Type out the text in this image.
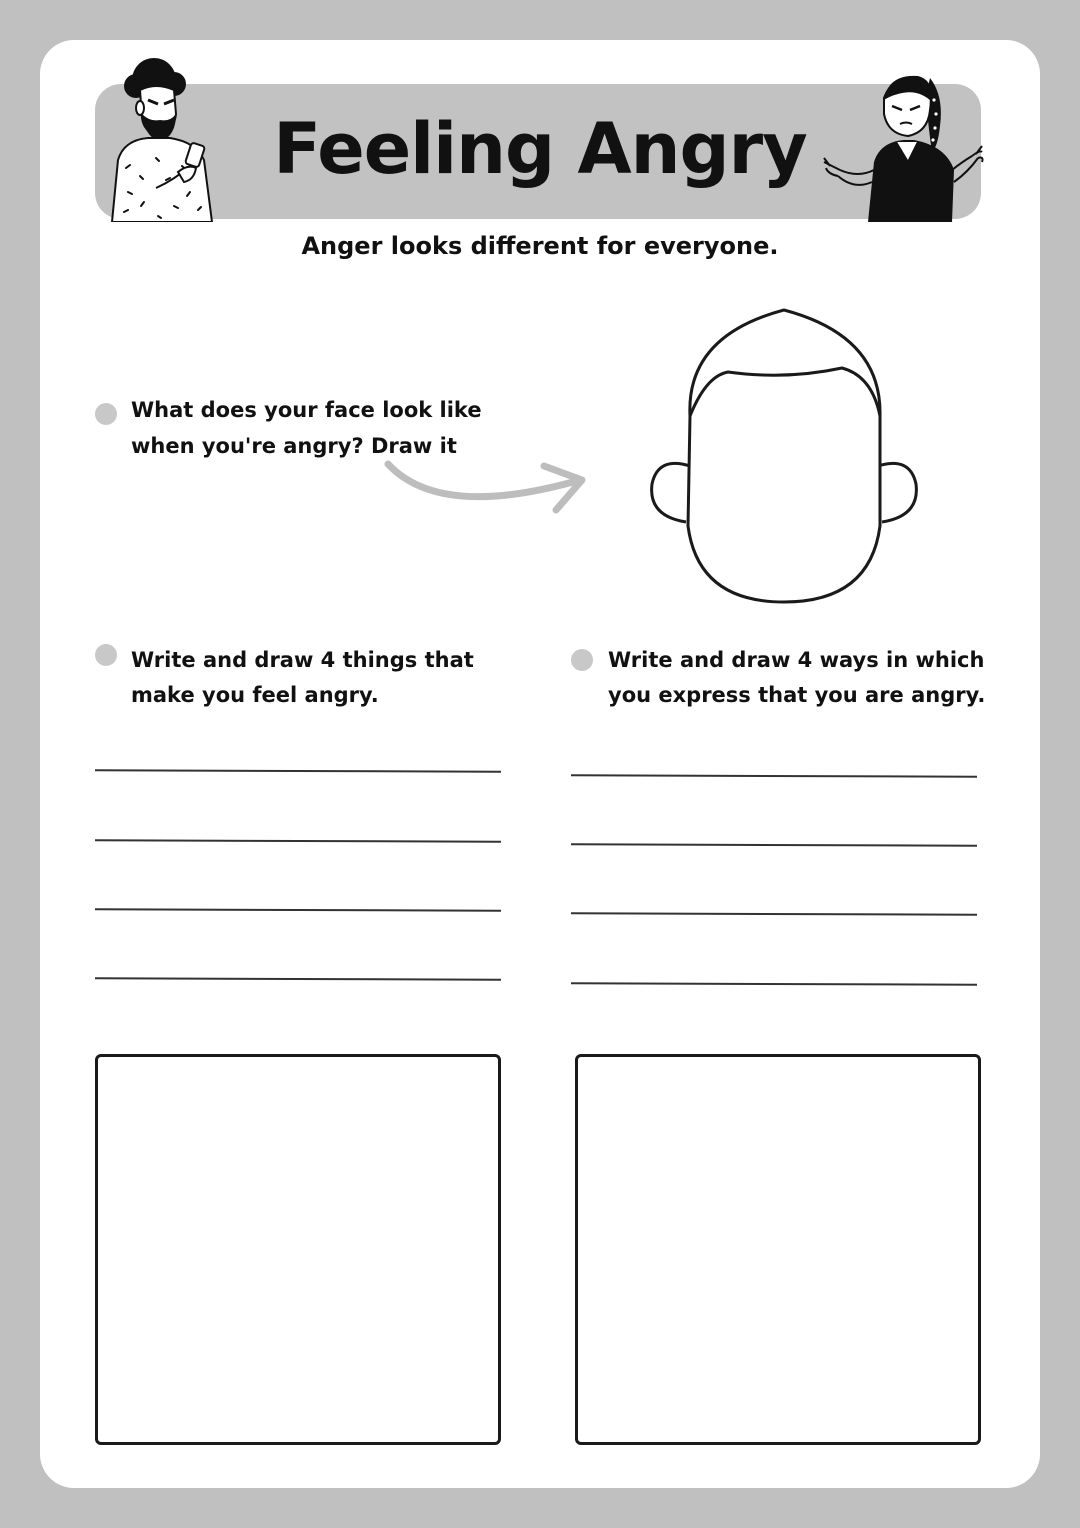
Feeling Angry

Anger looks different for everyone.

What does your face look like

when you're angry? Draw it

Write and draw 4 things that

make you feel angry.

Write and draw 4 ways in which

you express that you are angry.
